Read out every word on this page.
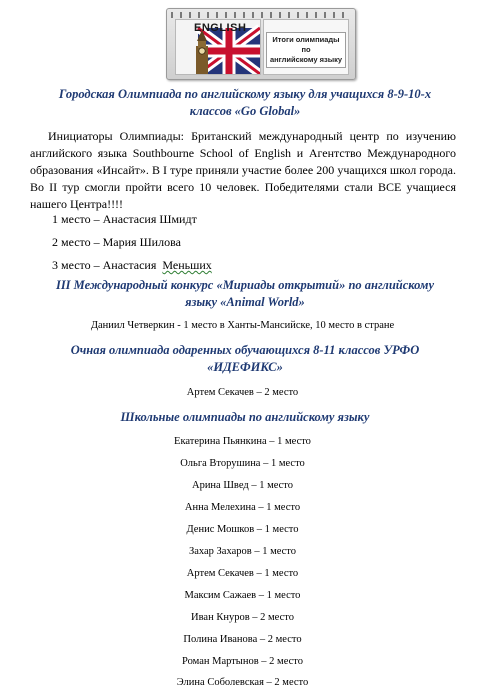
ENGLISH
Итоги олимпиады
по
английскому языку
Городская Олимпиада по английскому языку для учащихся 8-9-10-х
классов «Go Global»
Инициаторы Олимпиады: Британский международный центр по изучению английского языка Southbourne School of English и Агентство Международного образования «Инсайт». В I туре приняли участие более 200 учащихся школ города. Во II тур смогли пройти всего 10 человек. Победителями стали ВСЕ учащиеся нашего Центра!!!!
1 место – Анастасия Шмидт
2 место – Мария Шилова
3 место – Анастасия  Меньших
III Международный конкурс «Мириады открытий» по английскому
языку «Animal World»
Даниил Четверкин - 1 место в Ханты-Мансийске, 10 место в стране
Очная олимпиада одаренных обучающихся 8-11 классов УРФО
«ИДЕФИКС»
Артем Секачев – 2 место
Школьные олимпиады по английскому языку
Екатерина Пьянкина – 1 место
Ольга Вторушина – 1 место
Арина Швед – 1 место
Анна Мелехина – 1 место
Денис Мошков – 1 место
Захар Захаров – 1 место
Артем Секачев – 1 место
Максим Сажаев – 1 место
Иван Кнуров – 2 место
Полина Иванова – 2 место
Роман Мартынов – 2 место
Элина Соболевская – 2 место
